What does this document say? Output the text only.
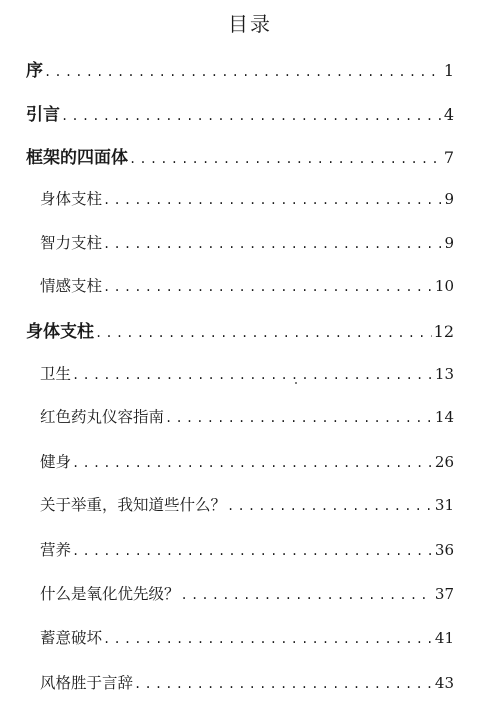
目录
序 .....	1
引言 .....	4
框架的四面体 .....	7
身体支柱 .....	9
智力支柱 .....	9
情感支柱 .....	10
身体支柱 .....	12
卫生 .....	13
红色药丸仪容指南 .....	14
健身 .....	26
关于举重，我知道些什么？ .....	31
营养 .....	36
什么是氧化优先级？ .....	37
蓄意破坏 .....	41
风格胜于言辞 .....	43
